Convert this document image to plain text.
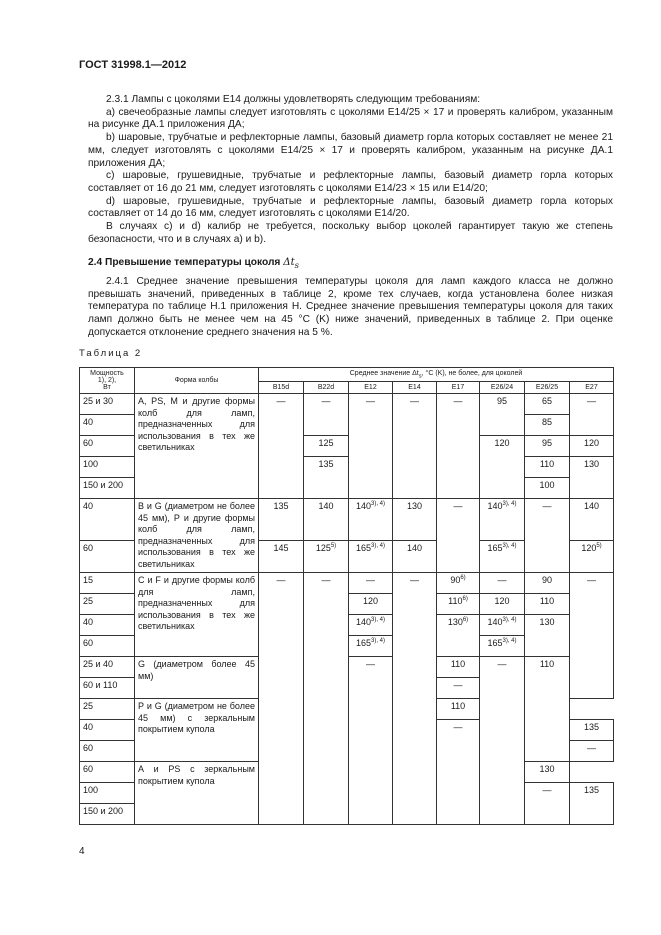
ГОСТ 31998.1—2012

2.3.1 Лампы с цоколями E14 должны удовлетворять следующим требованиям:

а) свечеобразные лампы следует изготовлять с цоколями E14/25 × 17 и проверять калибром, указанным на рисунке ДА.1 приложения ДА;

b) шаровые, трубчатые и рефлекторные лампы, базовый диаметр горла которых составляет не менее 21 мм, следует изготовлять с цоколями E14/25 × 17 и проверять калибром, указанным на рисунке ДА.1 приложения ДА;

с) шаровые, грушевидные, трубчатые и рефлекторные лампы, базовый диаметр горла которых составляет от 16 до 21 мм, следует изготовлять с цоколями E14/23 × 15 или E14/20;

d) шаровые, грушевидные, трубчатые и рефлекторные лампы, базовый диаметр горла которых составляет от 14 до 16 мм, следует изготовлять с цоколями E14/20.

В случаях с) и d) калибр не требуется, поскольку выбор цоколей гарантирует такую же степень безопасности, что и в случаях а) и b).

2.4 Превышение температуры цоколя $\Delta t_s$

2.4.1 Среднее значение превышения температуры цоколя для ламп каждого класса не должно превышать значений, приведенных в таблице 2, кроме тех случаев, когда установлена более низкая температура по таблице Н.1 приложения Н. Среднее значение превышения температуры цоколя для таких ламп должно быть не менее чем на 45 °С (K) ниже значений, приведенных в таблице 2. При оценке допускается отклонение среднего значения на 5 %.

Таблица 2
Мощность
1), 2),
Вт	Форма колбы	Среднее значение $\Delta t_s$, °С (K), не более, для цоколей							
		B15d	B22d	E12	E14	E17	E26/24	E26/25	E27
25 и 30	А, PS, М и другие формы колб для ламп, предназначенных для использования в тех же светильниках	—	—	—	—	—	95	65	—
40								85	
60			125				120	95	120
100			135					110	130
150 и 200								100	
40	В и G (диаметром не более 45 мм), Р и другие формы колб для ламп, предназначенных для использования в тех же светильниках	135	140	$140^{3), 4)}$	130	—	$140^{3), 4)}$	—	140
60		145	125$^{5)}$	$165^{3), 4)}$	140		$165^{3), 4)}$		120$^{5)}$
15	С и F и другие формы колб для ламп, предназначенных для использования в тех же светильниках	—	—	—	—	90$^{6)}$	—	90	—
25				120		110$^{6)}$	120	110	
40				$140^{3), 4)}$		130$^{6)}$	$140^{3), 4)}$	130	
60				$165^{3), 4)}$			$165^{3), 4)}$
25 и 40	G (диаметром более 45 мм)			—		110	—	110	
60 и 110						—			
25	Р и G (диаметром не более 45 мм) с зеркальным покрытием купола					110			
40						—			135
60									—
60	А и PS с зеркальным покрытием купола							130	
100								—	135
150 и 200									
4
